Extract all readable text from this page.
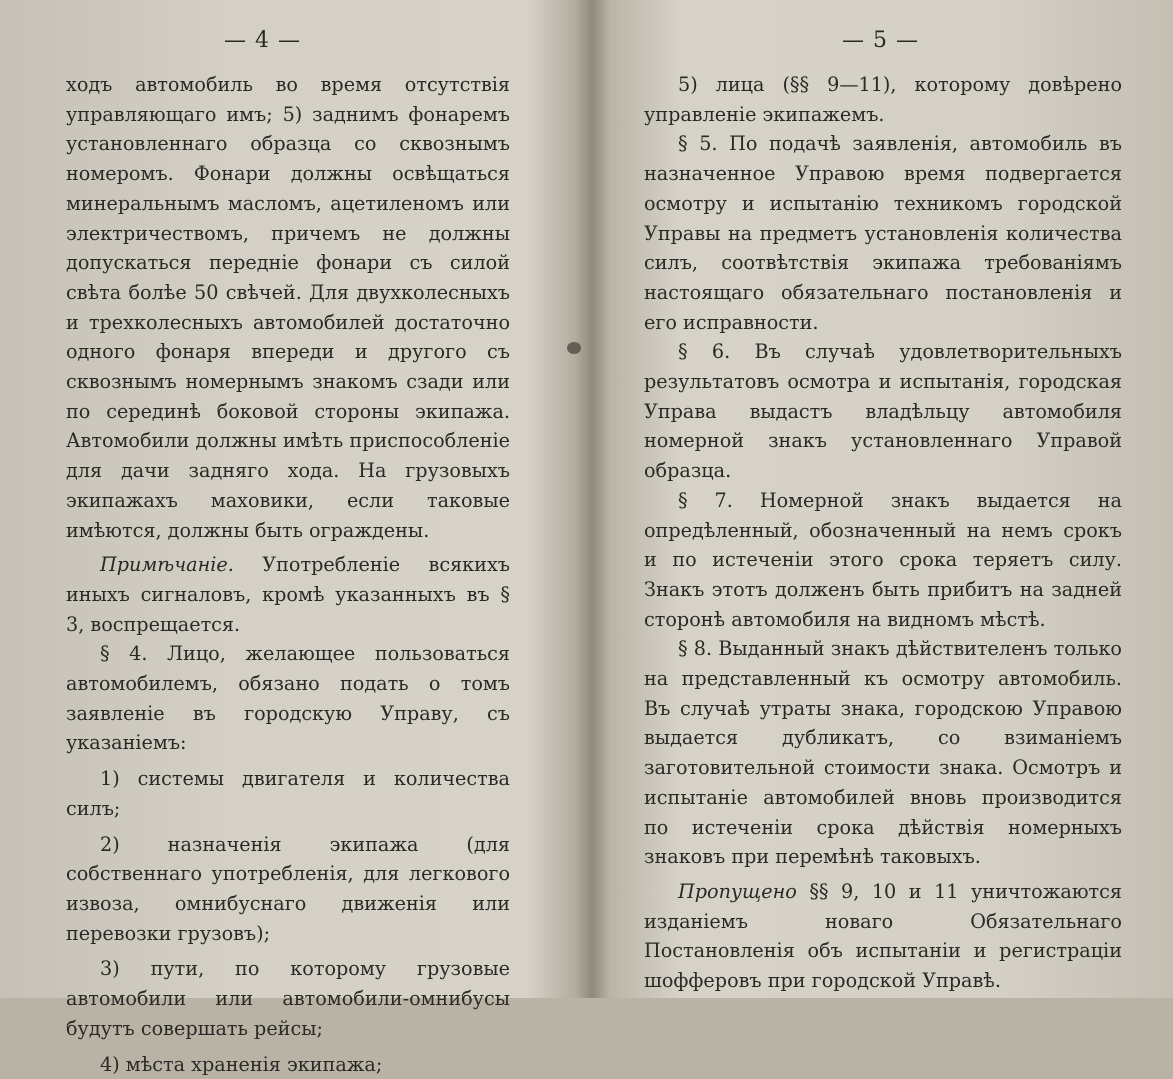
— 4 —
ходъ автомобиль во время отсутствія управляющаго имъ; 5) заднимъ фонаремъ установленнаго образца со сквознымъ номеромъ. Фонари должны освѣщаться минеральнымъ масломъ, ацетиленомъ или электричествомъ, причемъ не должны допускаться передніе фонари съ силой свѣта болѣе 50 свѣчей. Для двухколесныхъ и трехколесныхъ автомобилей достаточно одного фонаря впереди и другого съ сквознымъ номернымъ знакомъ сзади или по серединѣ боковой стороны экипажа. Автомобили должны имѣть приспособленіе для дачи задняго хода. На грузовыхъ экипажахъ маховики, если таковые имѣются, должны быть ограждены.
Примѣчаніе. Употребленіе всякихъ иныхъ сигналовъ, кромѣ указанныхъ въ § 3, воспрещается.
§ 4. Лицо, желающее пользоваться автомобилемъ, обязано подать о томъ заявленіе въ городскую Управу, съ указаніемъ:
1) системы двигателя и количества силъ;
2) назначенія экипажа (для собственнаго употребленія, для легкового извоза, омнибуснаго движенія или перевозки грузовъ);
3) пути, по которому грузовые автомобили или автомобили-омнибусы будутъ совершать рейсы;
4) мѣста храненія экипажа;
— 5 —
5) лица (§§ 9—11), которому довѣрено управленіе экипажемъ.
§ 5. По подачѣ заявленія, автомобиль въ назначенное Управою время подвергается осмотру и испытанію техникомъ городской Управы на предметъ установленія количества силъ, соотвѣтствія экипажа требованіямъ настоящаго обязательнаго постановленія и его исправности.
§ 6. Въ случаѣ удовлетворительныхъ результатовъ осмотра и испытанія, городская Управа выдастъ владѣльцу автомобиля номерной знакъ установленнаго Управой образца.
§ 7. Номерной знакъ выдается на опредѣленный, обозначенный на немъ срокъ и по истеченіи этого срока теряетъ силу. Знакъ этотъ долженъ быть прибитъ на задней сторонѣ автомобиля на видномъ мѣстѣ.
§ 8. Выданный знакъ дѣйствителенъ только на представленный къ осмотру автомобиль. Въ случаѣ утраты знака, городскою Управою выдается дубликатъ, со взиманіемъ заготовительной стоимости знака. Осмотръ и испытаніе автомобилей вновь производится по истеченіи срока дѣйствія номерныхъ знаковъ при перемѣнѣ таковыхъ.
Пропущено §§ 9, 10 и 11 уничтожаются изданіемъ новаго Обязательнаго Постановленія объ испытаніи и регистраціи шофферовъ при городской Управѣ.
